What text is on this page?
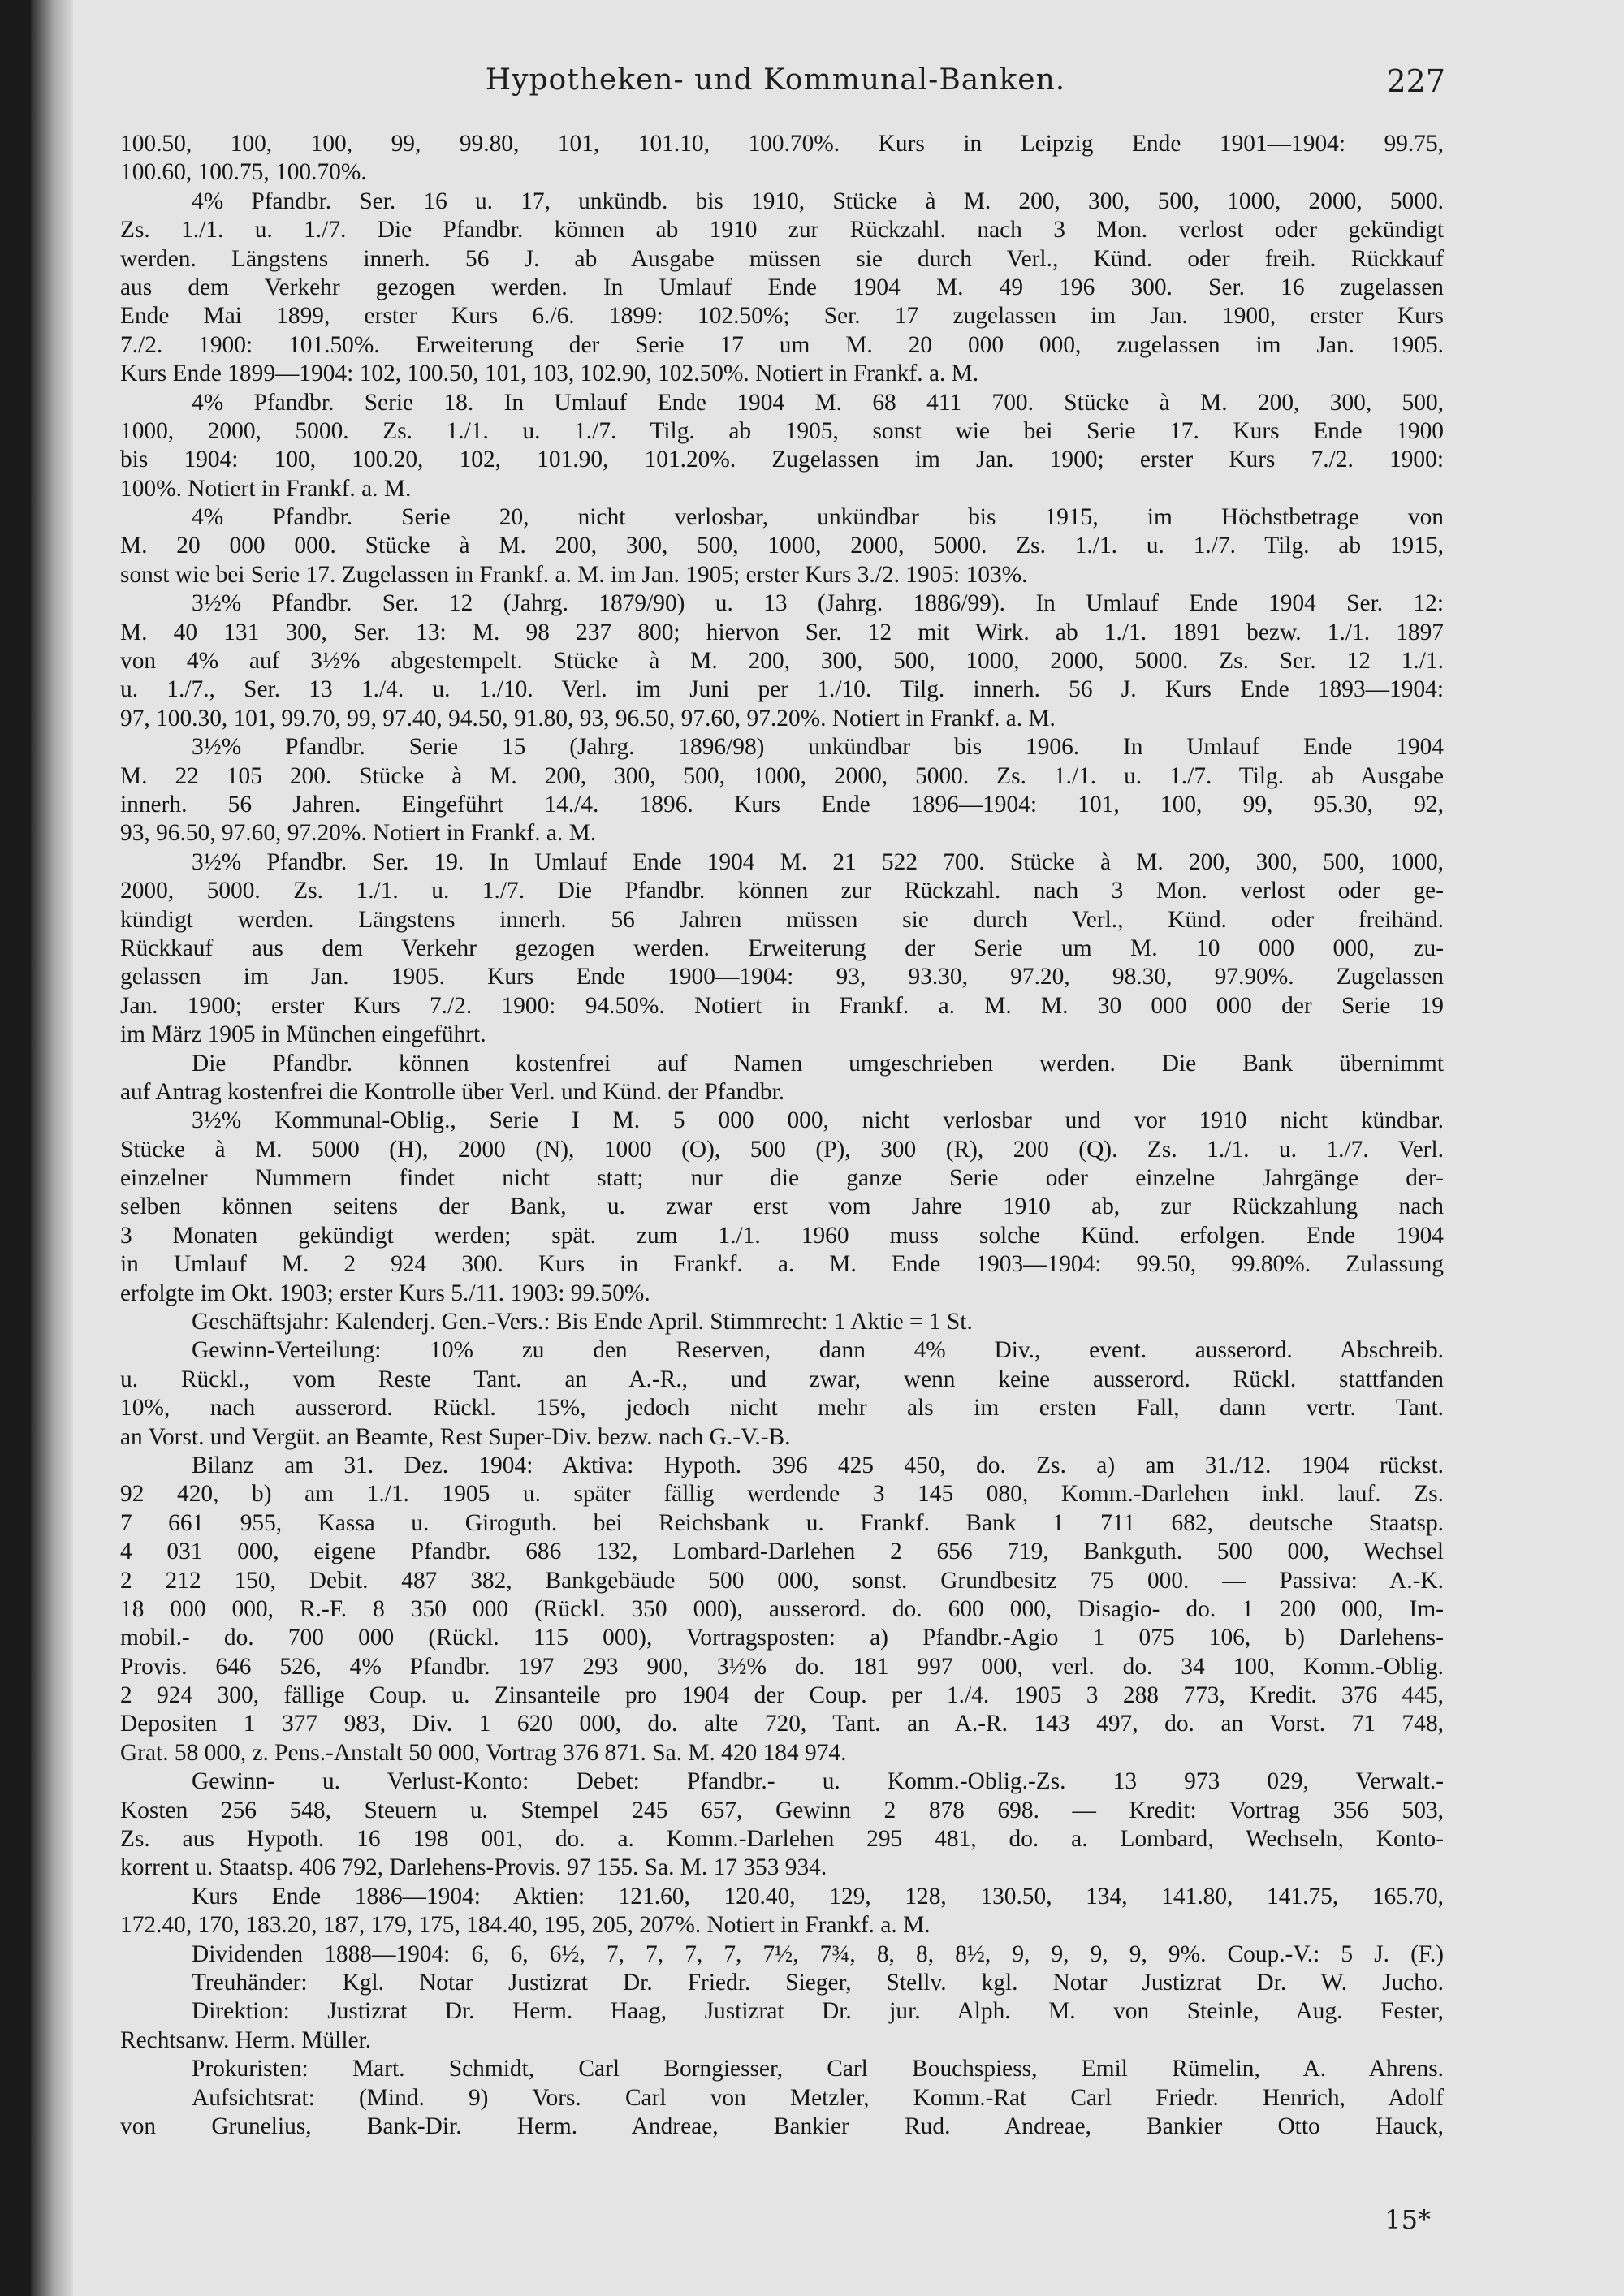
Hypotheken- und Kommunal-Banken.	227
100.50, 100, 100, 99, 99.80, 101, 101.10, 100.70%. Kurs in Leipzig Ende 1901—1904: 99.75,
100.60, 100.75, 100.70%.
4% Pfandbr. Ser. 16 u. 17, unkündb. bis 1910, Stücke à M. 200, 300, 500, 1000, 2000, 5000.
Zs. 1./1. u. 1./7. Die Pfandbr. können ab 1910 zur Rückzahl. nach 3 Mon. verlost oder gekündigt
werden. Längstens innerh. 56 J. ab Ausgabe müssen sie durch Verl., Künd. oder freih. Rückkauf
aus dem Verkehr gezogen werden. In Umlauf Ende 1904 M. 49 196 300. Ser. 16 zugelassen
Ende Mai 1899, erster Kurs 6./6. 1899: 102.50%; Ser. 17 zugelassen im Jan. 1900, erster Kurs
7./2. 1900: 101.50%. Erweiterung der Serie 17 um M. 20 000 000, zugelassen im Jan. 1905.
Kurs Ende 1899—1904: 102, 100.50, 101, 103, 102.90, 102.50%. Notiert in Frankf. a. M.
4% Pfandbr. Serie 18. In Umlauf Ende 1904 M. 68 411 700. Stücke à M. 200, 300, 500,
1000, 2000, 5000. Zs. 1./1. u. 1./7. Tilg. ab 1905, sonst wie bei Serie 17. Kurs Ende 1900
bis 1904: 100, 100.20, 102, 101.90, 101.20%. Zugelassen im Jan. 1900; erster Kurs 7./2. 1900:
100%. Notiert in Frankf. a. M.
4% Pfandbr. Serie 20, nicht verlosbar, unkündbar bis 1915, im Höchstbetrage von
M. 20 000 000. Stücke à M. 200, 300, 500, 1000, 2000, 5000. Zs. 1./1. u. 1./7. Tilg. ab 1915,
sonst wie bei Serie 17. Zugelassen in Frankf. a. M. im Jan. 1905; erster Kurs 3./2. 1905: 103%.
3½% Pfandbr. Ser. 12 (Jahrg. 1879/90) u. 13 (Jahrg. 1886/99). In Umlauf Ende 1904 Ser. 12:
M. 40 131 300, Ser. 13: M. 98 237 800; hiervon Ser. 12 mit Wirk. ab 1./1. 1891 bezw. 1./1. 1897
von 4% auf 3½% abgestempelt. Stücke à M. 200, 300, 500, 1000, 2000, 5000. Zs. Ser. 12 1./1.
u. 1./7., Ser. 13 1./4. u. 1./10. Verl. im Juni per 1./10. Tilg. innerh. 56 J. Kurs Ende 1893—1904:
97, 100.30, 101, 99.70, 99, 97.40, 94.50, 91.80, 93, 96.50, 97.60, 97.20%. Notiert in Frankf. a. M.
3½% Pfandbr. Serie 15 (Jahrg. 1896/98) unkündbar bis 1906. In Umlauf Ende 1904
M. 22 105 200. Stücke à M. 200, 300, 500, 1000, 2000, 5000. Zs. 1./1. u. 1./7. Tilg. ab Ausgabe
innerh. 56 Jahren. Eingeführt 14./4. 1896. Kurs Ende 1896—1904: 101, 100, 99, 95.30, 92,
93, 96.50, 97.60, 97.20%. Notiert in Frankf. a. M.
3½% Pfandbr. Ser. 19. In Umlauf Ende 1904 M. 21 522 700. Stücke à M. 200, 300, 500, 1000,
2000, 5000. Zs. 1./1. u. 1./7. Die Pfandbr. können zur Rückzahl. nach 3 Mon. verlost oder ge-
kündigt werden. Längstens innerh. 56 Jahren müssen sie durch Verl., Künd. oder freihänd.
Rückkauf aus dem Verkehr gezogen werden. Erweiterung der Serie um M. 10 000 000, zu-
gelassen im Jan. 1905. Kurs Ende 1900—1904: 93, 93.30, 97.20, 98.30, 97.90%. Zugelassen
Jan. 1900; erster Kurs 7./2. 1900: 94.50%. Notiert in Frankf. a. M. M. 30 000 000 der Serie 19
im März 1905 in München eingeführt.
Die Pfandbr. können kostenfrei auf Namen umgeschrieben werden. Die Bank übernimmt
auf Antrag kostenfrei die Kontrolle über Verl. und Künd. der Pfandbr.
3½% Kommunal-Oblig., Serie I M. 5 000 000, nicht verlosbar und vor 1910 nicht kündbar.
Stücke à M. 5000 (H), 2000 (N), 1000 (O), 500 (P), 300 (R), 200 (Q). Zs. 1./1. u. 1./7. Verl.
einzelner Nummern findet nicht statt; nur die ganze Serie oder einzelne Jahrgänge der-
selben können seitens der Bank, u. zwar erst vom Jahre 1910 ab, zur Rückzahlung nach
3 Monaten gekündigt werden; spät. zum 1./1. 1960 muss solche Künd. erfolgen. Ende 1904
in Umlauf M. 2 924 300. Kurs in Frankf. a. M. Ende 1903—1904: 99.50, 99.80%. Zulassung
erfolgte im Okt. 1903; erster Kurs 5./11. 1903: 99.50%.
Geschäftsjahr: Kalenderj. Gen.-Vers.: Bis Ende April. Stimmrecht: 1 Aktie = 1 St.
Gewinn-Verteilung: 10% zu den Reserven, dann 4% Div., event. ausserord. Abschreib.
u. Rückl., vom Reste Tant. an A.-R., und zwar, wenn keine ausserord. Rückl. stattfanden
10%, nach ausserord. Rückl. 15%, jedoch nicht mehr als im ersten Fall, dann vertr. Tant.
an Vorst. und Vergüt. an Beamte, Rest Super-Div. bezw. nach G.-V.-B.
Bilanz am 31. Dez. 1904: Aktiva: Hypoth. 396 425 450, do. Zs. a) am 31./12. 1904 rückst.
92 420, b) am 1./1. 1905 u. später fällig werdende 3 145 080, Komm.-Darlehen inkl. lauf. Zs.
7 661 955, Kassa u. Giroguth. bei Reichsbank u. Frankf. Bank 1 711 682, deutsche Staatsp.
4 031 000, eigene Pfandbr. 686 132, Lombard-Darlehen 2 656 719, Bankguth. 500 000, Wechsel
2 212 150, Debit. 487 382, Bankgebäude 500 000, sonst. Grundbesitz 75 000. — Passiva: A.-K.
18 000 000, R.-F. 8 350 000 (Rückl. 350 000), ausserord. do. 600 000, Disagio- do. 1 200 000, Im-
mobil.- do. 700 000 (Rückl. 115 000), Vortragsposten: a) Pfandbr.-Agio 1 075 106, b) Darlehens-
Provis. 646 526, 4% Pfandbr. 197 293 900, 3½% do. 181 997 000, verl. do. 34 100, Komm.-Oblig.
2 924 300, fällige Coup. u. Zinsanteile pro 1904 der Coup. per 1./4. 1905 3 288 773, Kredit. 376 445,
Depositen 1 377 983, Div. 1 620 000, do. alte 720, Tant. an A.-R. 143 497, do. an Vorst. 71 748,
Grat. 58 000, z. Pens.-Anstalt 50 000, Vortrag 376 871. Sa. M. 420 184 974.
Gewinn- u. Verlust-Konto: Debet: Pfandbr.- u. Komm.-Oblig.-Zs. 13 973 029, Verwalt.-
Kosten 256 548, Steuern u. Stempel 245 657, Gewinn 2 878 698. — Kredit: Vortrag 356 503,
Zs. aus Hypoth. 16 198 001, do. a. Komm.-Darlehen 295 481, do. a. Lombard, Wechseln, Konto-
korrent u. Staatsp. 406 792, Darlehens-Provis. 97 155. Sa. M. 17 353 934.
Kurs Ende 1886—1904: Aktien: 121.60, 120.40, 129, 128, 130.50, 134, 141.80, 141.75, 165.70,
172.40, 170, 183.20, 187, 179, 175, 184.40, 195, 205, 207%. Notiert in Frankf. a. M.
Dividenden 1888—1904: 6, 6, 6½, 7, 7, 7, 7, 7½, 7¾, 8, 8, 8½, 9, 9, 9, 9, 9%. Coup.-V.: 5 J. (F.)
Treuhänder: Kgl. Notar Justizrat Dr. Friedr. Sieger, Stellv. kgl. Notar Justizrat Dr. W. Jucho.
Direktion: Justizrat Dr. Herm. Haag, Justizrat Dr. jur. Alph. M. von Steinle, Aug. Fester,
Rechtsanw. Herm. Müller.
Prokuristen: Mart. Schmidt, Carl Borngiesser, Carl Bouchspiess, Emil Rümelin, A. Ahrens.
Aufsichtsrat: (Mind. 9) Vors. Carl von Metzler, Komm.-Rat Carl Friedr. Henrich, Adolf
von Grunelius, Bank-Dir. Herm. Andreae, Bankier Rud. Andreae, Bankier Otto Hauck,
15*
